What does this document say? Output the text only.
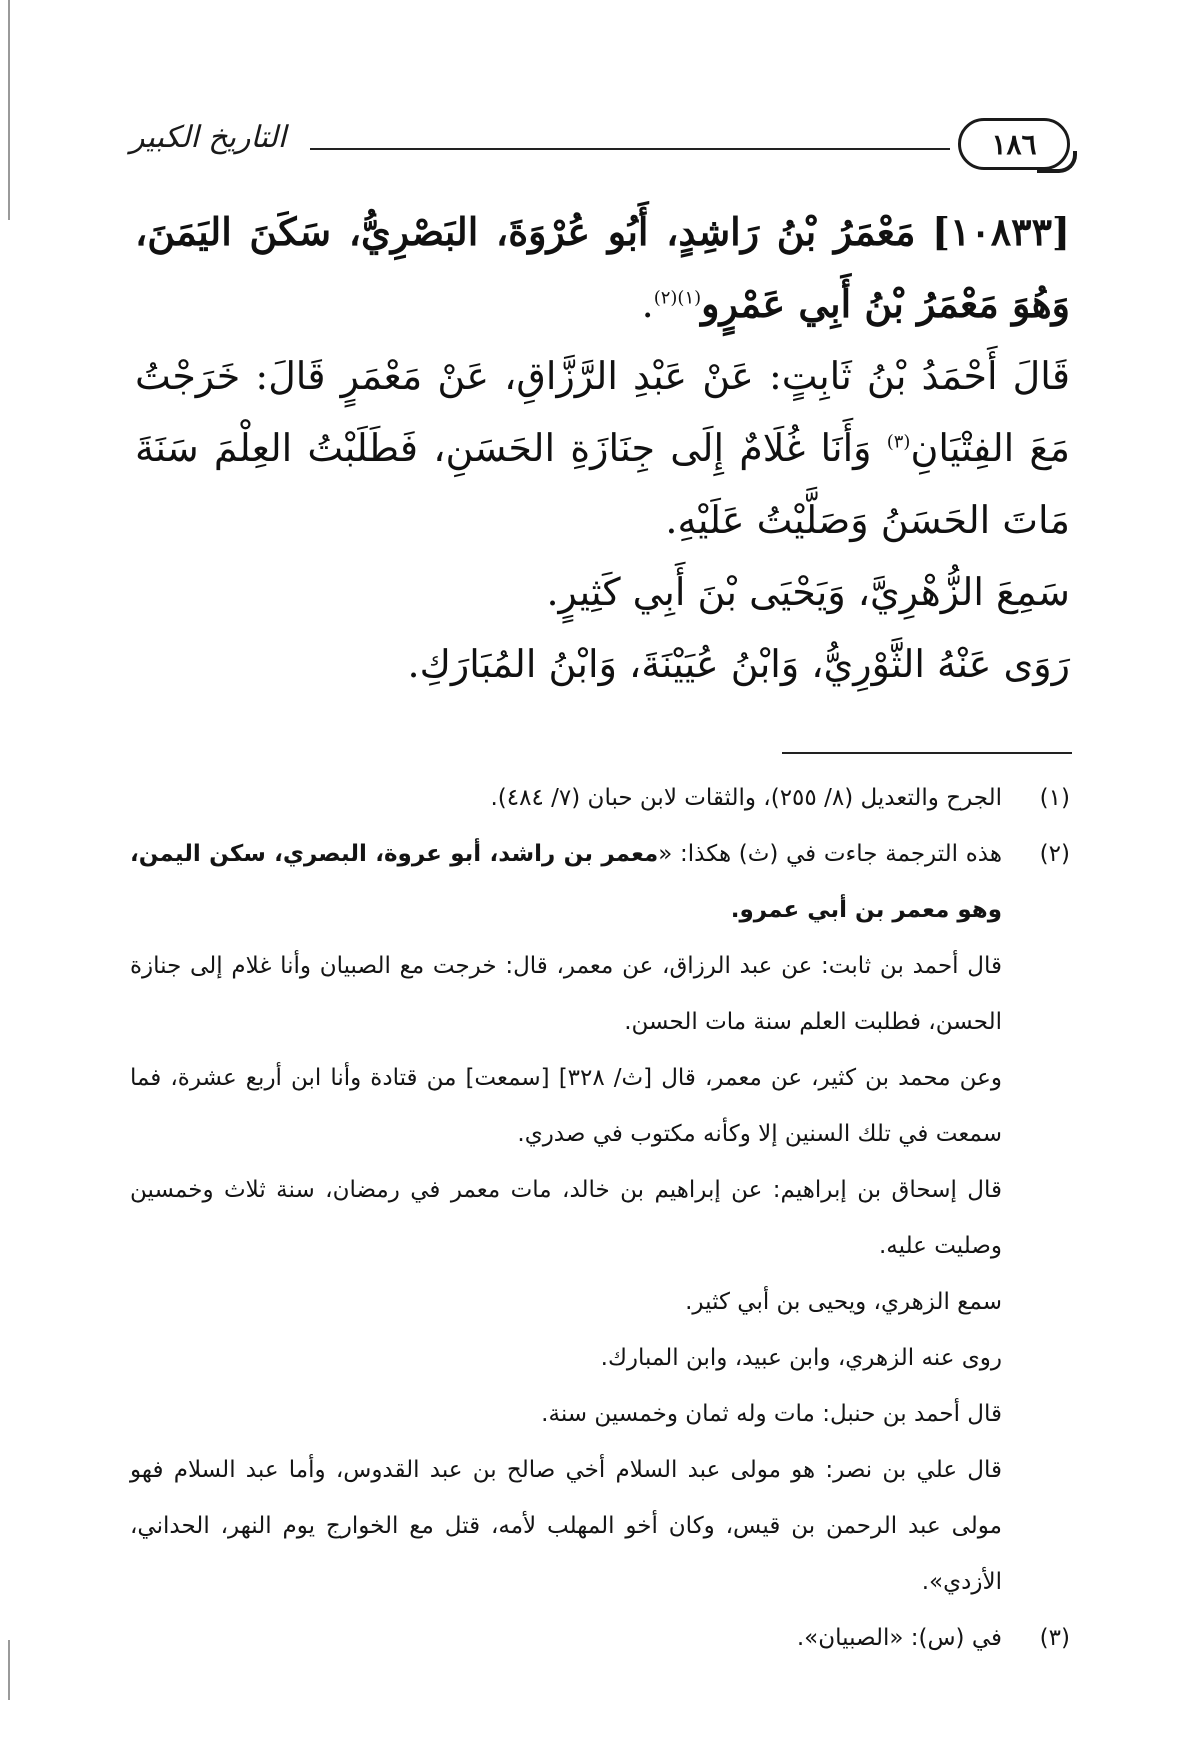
التاريخ الكبير	١٨٦

[١٠٨٣٣] مَعْمَرُ بْنُ رَاشِدٍ، أَبُو عُرْوَةَ، البَصْرِيُّ، سَكَنَ اليَمَنَ، وَهُوَ مَعْمَرُ بْنُ أَبِي عَمْرٍو$^{(١)(٢)}$.

قَالَ أَحْمَدُ بْنُ ثَابِتٍ: عَنْ عَبْدِ الرَّزَّاقِ، عَنْ مَعْمَرٍ قَالَ: خَرَجْتُ مَعَ الفِتْيَانِ$^{(٣)}$ وَأَنَا غُلَامٌ إِلَى جِنَازَةِ الحَسَنِ، فَطَلَبْتُ العِلْمَ سَنَةَ مَاتَ الحَسَنُ وَصَلَّيْتُ عَلَيْهِ.

سَمِعَ الزُّهْرِيَّ، وَيَحْيَى بْنَ أَبِي كَثِيرٍ.

رَوَى عَنْهُ الثَّوْرِيُّ، وَابْنُ عُيَيْنَةَ، وَابْنُ المُبَارَكِ.

(١)
الجرح والتعديل (٨/ ٢٥٥)، والثقات لابن حبان (٧/ ٤٨٤).
(٢)
هذه الترجمة جاءت في (ث) هكذا: «معمر بن راشد، أبو عروة، البصري، سكن اليمن، وهو معمر بن أبي عمرو.
قال أحمد بن ثابت: عن عبد الرزاق، عن معمر، قال: خرجت مع الصبيان وأنا غلام إلى جنازة الحسن، فطلبت العلم سنة مات الحسن.
وعن محمد بن كثير، عن معمر، قال [ث/ ٣٢٨] [سمعت] من قتادة وأنا ابن أربع عشرة، فما سمعت في تلك السنين إلا وكأنه مكتوب في صدري.
قال إسحاق بن إبراهيم: عن إبراهيم بن خالد، مات معمر في رمضان، سنة ثلاث وخمسين وصليت عليه.
سمع الزهري، ويحيى بن أبي كثير.
روى عنه الزهري، وابن عبيد، وابن المبارك.
قال أحمد بن حنبل: مات وله ثمان وخمسين سنة.
قال علي بن نصر: هو مولى عبد السلام أخي صالح بن عبد القدوس، وأما عبد السلام فهو مولى عبد الرحمن بن قيس، وكان أخو المهلب لأمه، قتل مع الخوارج يوم النهر، الحداني، الأزدي».
(٣)
في (س): «الصبيان».
